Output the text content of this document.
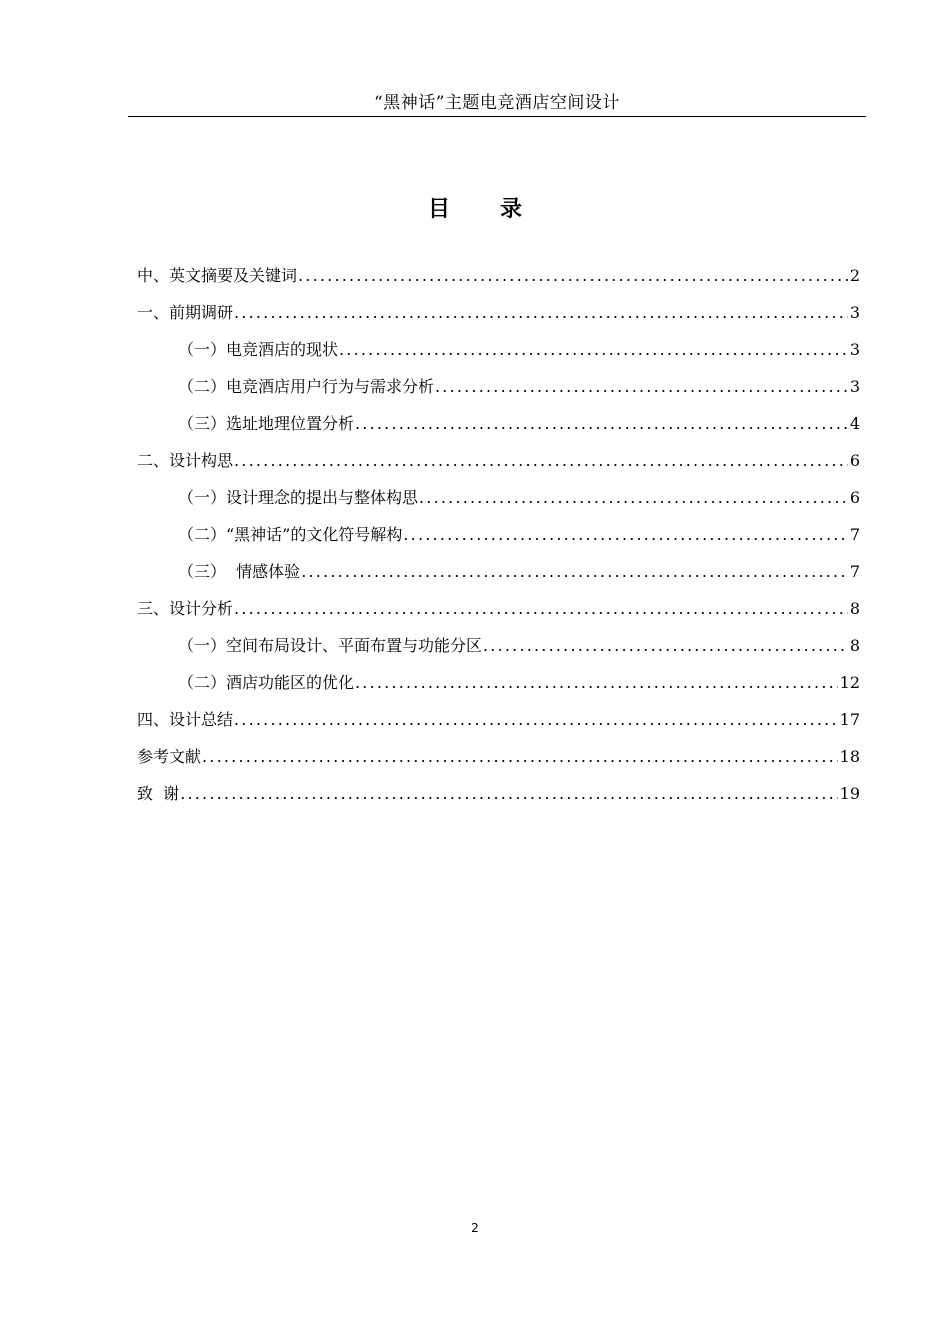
“黑神话”主题电竞酒店空间设计
目 录
中、英文摘要及关键词 .....	2
一、前期调研 .....	3
（一）电竞酒店的现状 .....	3
（二）电竞酒店用户行为与需求分析 .....	3
（三）选址地理位置分析 .....	4
二、设计构思 .....	6
（一）设计理念的提出与整体构思 .....	6
（二）“黑神话”的文化符号解构 .....	7
（三）  情感体验 .....	7
三、设计分析 .....	8
（一）空间布局设计、平面布置与功能分区 .....	8
（二）酒店功能区的优化 .....	12
四、设计总结 .....	17
参考文献 .....	18
致  谢 .....	19
2
